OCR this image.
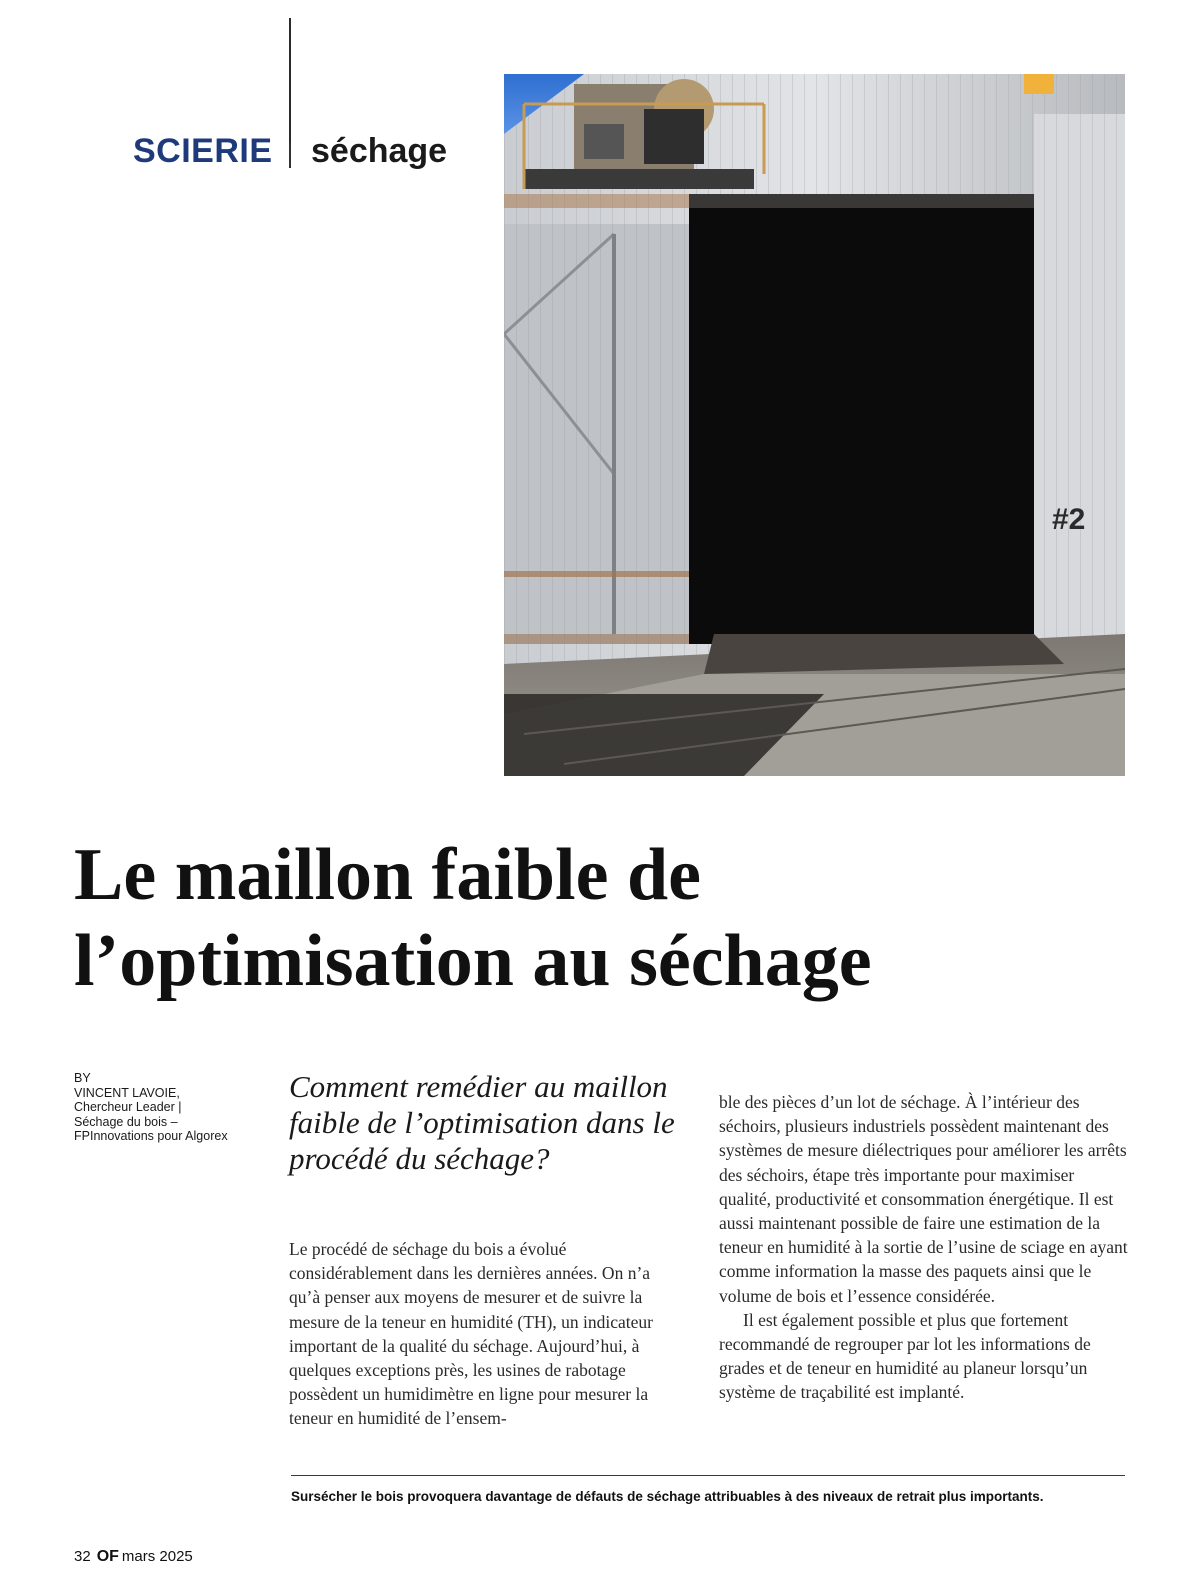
SCIERIE séchage
#2
Le maillon faible de
l’optimisation au séchage
BY
VINCENT LAVOIE,
Chercheur Leader |
Séchage du bois –
FPInnovations pour Algorex
Comment remédier au maillon faible de l’optimisation dans le procédé du séchage?

Le procédé de séchage du bois a évolué considérablement dans les dernières années. On n’a qu’à penser aux moyens de mesurer et de suivre la mesure de la teneur en humidité (TH), un indicateur important de la qualité du séchage. Aujourd’hui, à quelques exceptions près, les usines de rabotage possèdent un humidimètre en ligne pour mesurer la teneur en humidité de l’ensem-

ble des pièces d’un lot de séchage. À l’intérieur des séchoirs, plusieurs industriels possèdent maintenant des systèmes de mesure diélectriques pour améliorer les arrêts des séchoirs, étape très importante pour maximiser qualité, productivité et consommation énergétique. Il est aussi maintenant possible de faire une estimation de la teneur en humidité à la sortie de l’usine de sciage en ayant comme information la masse des paquets ainsi que le volume de bois et l’essence considérée.

Il est également possible et plus que fortement recommandé de regrouper par lot les informations de grades et de teneur en humidité au planeur lorsqu’un système de traçabilité est implanté.

Sursécher le bois provoquera davantage de défauts de séchage attribuables à des niveaux de retrait plus importants.
32 OF mars 2025
